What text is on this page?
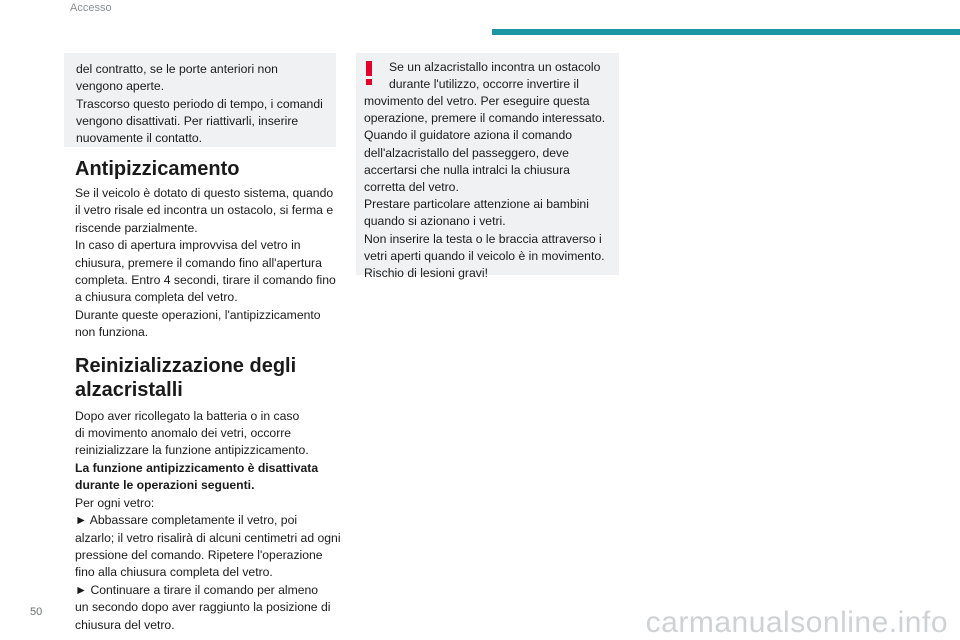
Accesso
del contratto, se le porte anteriori non
vengono aperte.
Trascorso questo periodo di tempo, i comandi
vengono disattivati. Per riattivarli, inserire
nuovamente il contatto.
Antipizzicamento

Se il veicolo è dotato di questo sistema, quando

il vetro risale ed incontra un ostacolo, si ferma e

riscende parzialmente.

In caso di apertura improvvisa del vetro in

chiusura, premere il comando fino all'apertura

completa. Entro 4 secondi, tirare il comando fino

a chiusura completa del vetro.

Durante queste operazioni, l'antipizzicamento

non funziona.

Reinizializzazione degli
alzacristalli

Dopo aver ricollegato la batteria o in caso

di movimento anomalo dei vetri, occorre

reinizializzare la funzione antipizzicamento.

La funzione antipizzicamento è disattivata

durante le operazioni seguenti.

Per ogni vetro:

► Abbassare completamente il vetro, poi

alzarlo; il vetro risalirà di alcuni centimetri ad ogni

pressione del comando. Ripetere l'operazione

fino alla chiusura completa del vetro.

► Continuare a tirare il comando per almeno

un secondo dopo aver raggiunto la posizione di

chiusura del vetro.

Se un alzacristallo incontra un ostacolo
durante l'utilizzo, occorre invertire il
movimento del vetro. Per eseguire questa
operazione, premere il comando interessato.
Quando il guidatore aziona il comando
dell'alzacristallo del passeggero, deve
accertarsi che nulla intralci la chiusura
corretta del vetro.
Prestare particolare attenzione ai bambini
quando si azionano i vetri.
Non inserire la testa o le braccia attraverso i
vetri aperti quando il veicolo è in movimento.
Rischio di lesioni gravi!
50	carmanualsonline.info
